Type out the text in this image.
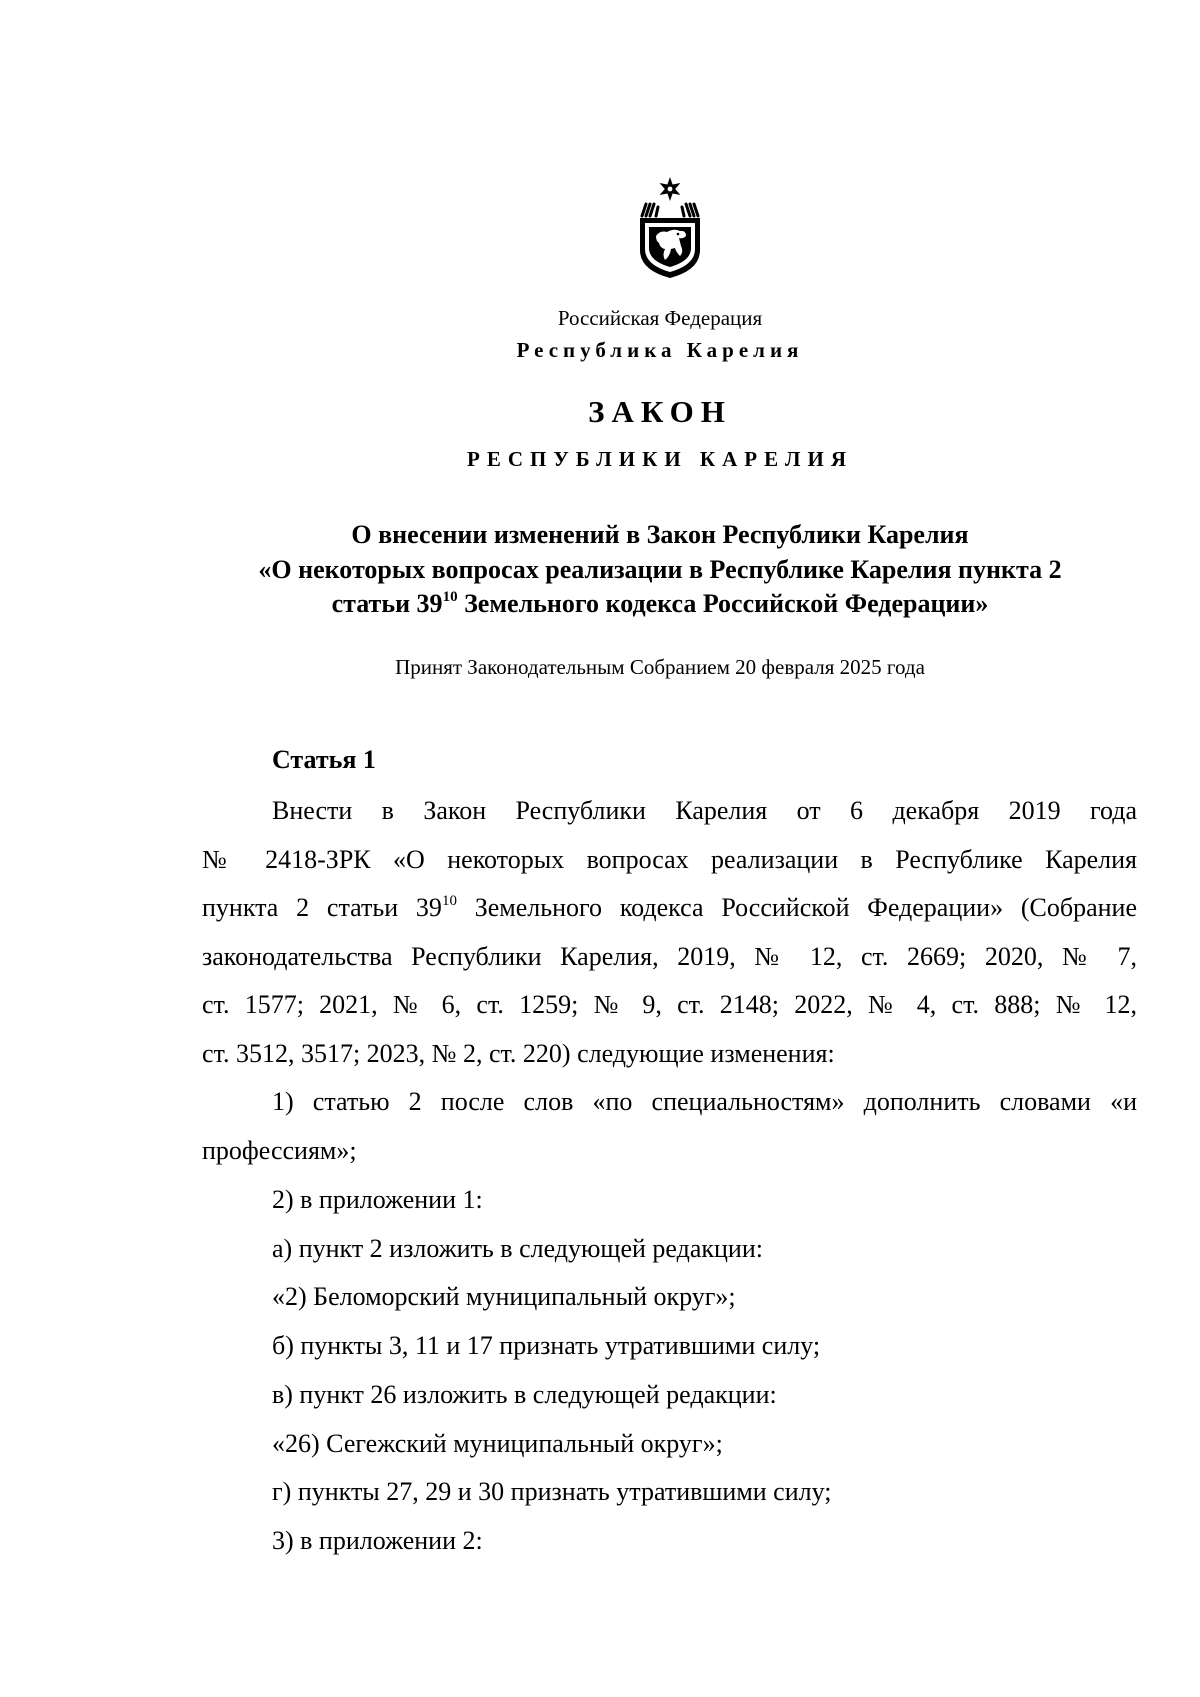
Российская Федерация
Республика Карелия
ЗАКОН
РЕСПУБЛИКИ КАРЕЛИЯ
О внесении изменений в Закон Республики Карелия
«О некоторых вопросах реализации в Республике Карелия пункта 2
статьи $39^{10}$ Земельного кодекса Российской Федерации»
Принят Законодательным Собранием 20 февраля 2025 года
Статья 1
Внести в Закон Республики Карелия от 6 декабря 2019 года
№ 2418-ЗРК «О некоторых вопросах реализации в Республике Карелия
пункта 2 статьи $39^{10}$ Земельного кодекса Российской Федерации» (Собрание
законодательства Республики Карелия, 2019, № 12, ст. 2669; 2020, № 7,
ст. 1577; 2021, № 6, ст. 1259; № 9, ст. 2148; 2022, № 4, ст. 888; № 12,
ст. 3512, 3517; 2023, № 2, ст. 220) следующие изменения:
1) статью 2 после слов «по специальностям» дополнить словами «и
профессиям»;
2) в приложении 1:
а) пункт 2 изложить в следующей редакции:
«2) Беломорский муниципальный округ»;
б) пункты 3, 11 и 17 признать утратившими силу;
в) пункт 26 изложить в следующей редакции:
«26) Сегежский муниципальный округ»;
г) пункты 27, 29 и 30 признать утратившими силу;
3) в приложении 2:
